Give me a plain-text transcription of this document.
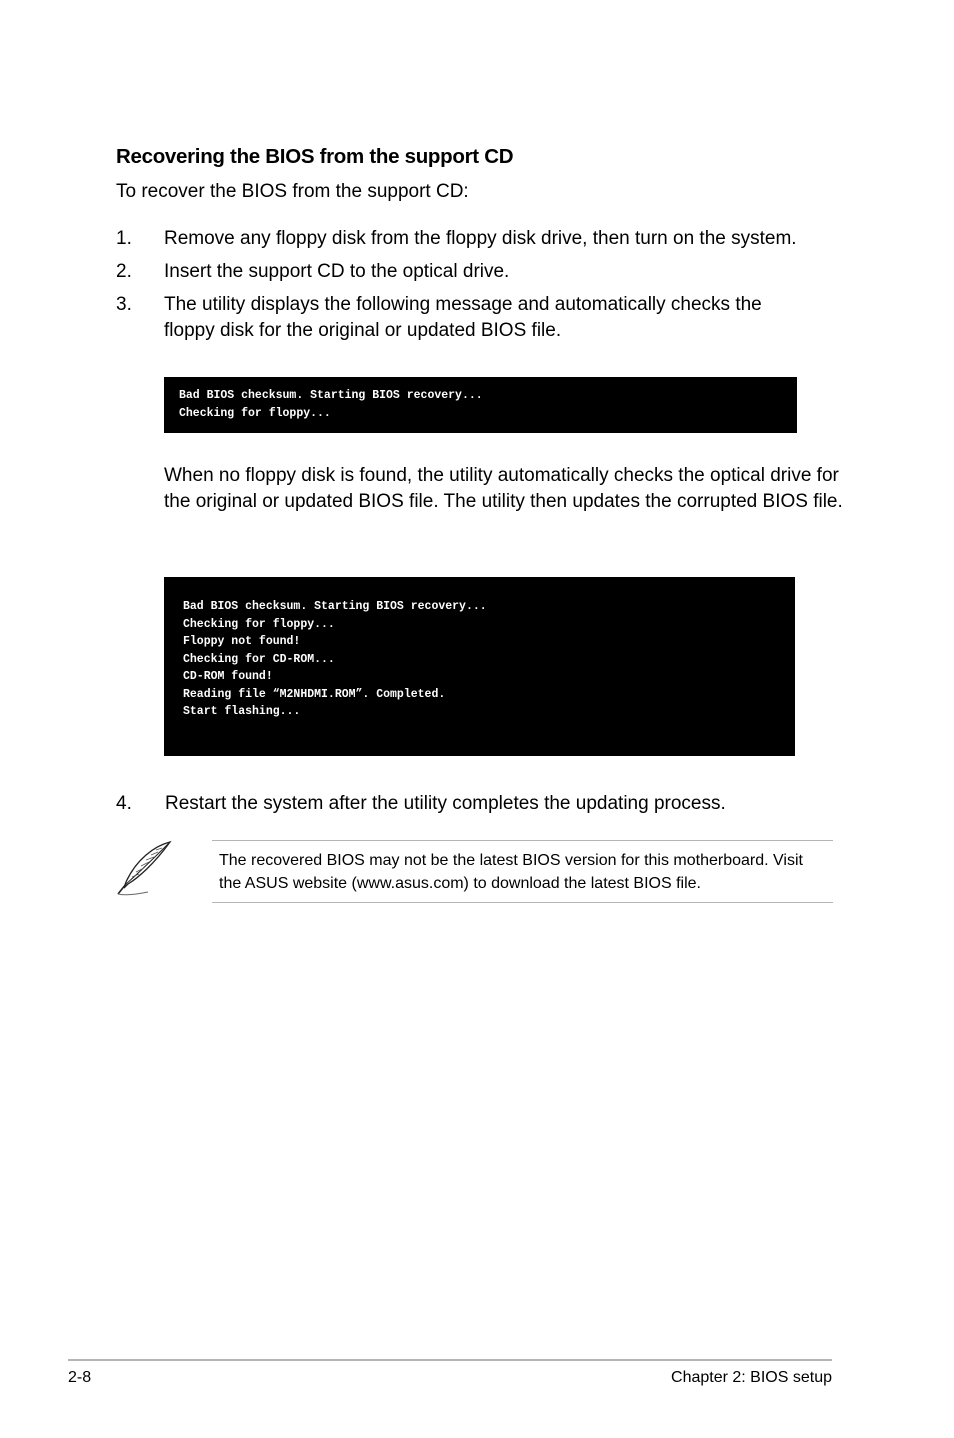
Recovering the BIOS from the support CD

To recover the BIOS from the support CD:

1. Remove any floppy disk from the floppy disk drive, then turn on the system.
2. Insert the support CD to the optical drive.
3. The utility displays the following message and automatically checks the floppy disk for the original or updated BIOS file.
Bad BIOS checksum. Starting BIOS recovery...
Checking for floppy...

When no floppy disk is found, the utility automatically checks the optical drive for the original or updated BIOS file. The utility then updates the corrupted BIOS file.

Bad BIOS checksum. Starting BIOS recovery...
Checking for floppy...
Floppy not found!
Checking for CD-ROM...
CD-ROM found!
Reading file “M2NHDMI.ROM”. Completed.
Start flashing...
4. Restart the system after the utility completes the updating process.
The recovered BIOS may not be the latest BIOS version for this motherboard. Visit the ASUS website (www.asus.com) to download the latest BIOS file.
2-8	Chapter 2: BIOS setup
